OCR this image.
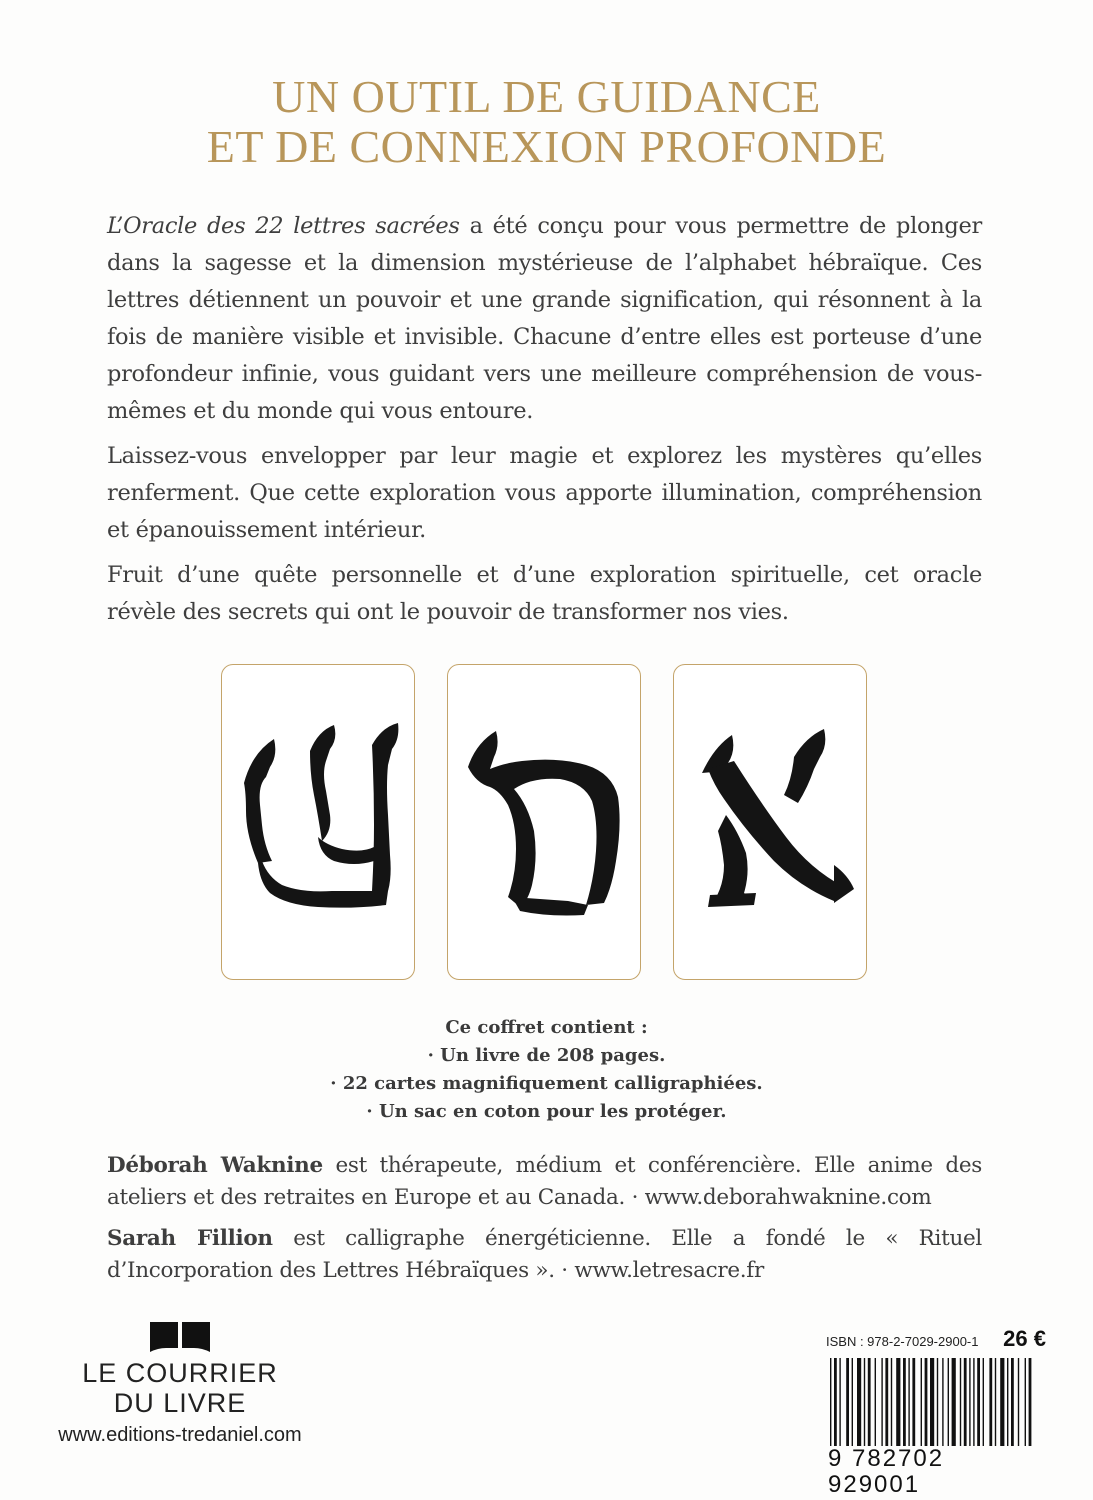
UN OUTIL DE GUIDANCE
ET DE CONNEXION PROFONDE

L’Oracle des 22 lettres sacrées a été conçu pour vous permettre de plonger dans la sagesse et la dimension mystérieuse de l’alphabet hébraïque. Ces lettres détiennent un pouvoir et une grande signification, qui résonnent à la fois de manière visible et invisible. Chacune d’entre elles est porteuse d’une profondeur infinie, vous guidant vers une meilleure compréhension de vous-mêmes et du monde qui vous entoure.

Laissez-vous envelopper par leur magie et explorez les mystères qu’elles renferment. Que cette exploration vous apporte illumination, compréhension et épanouissement intérieur.

Fruit d’une quête personnelle et d’une exploration spirituelle, cet oracle révèle des secrets qui ont le pouvoir de transformer nos vies.

Ce coffret contient :
· Un livre de 208 pages.
· 22 cartes magnifiquement calligraphiées.
· Un sac en coton pour les protéger.

Déborah Waknine est thérapeute, médium et conférencière. Elle anime des ateliers et des retraites en Europe et au Canada. · www.deborahwaknine.com

Sarah Fillion est calligraphe énergéticienne. Elle a fondé le « Rituel d’Incorporation des Lettres Hébraïques ». · www.letresacre.fr

LE COURRIER
DU LIVRE
www.editions-tredaniel.com
ISBN : 978-2-7029-2900-1 26 €
9 782702 929001
